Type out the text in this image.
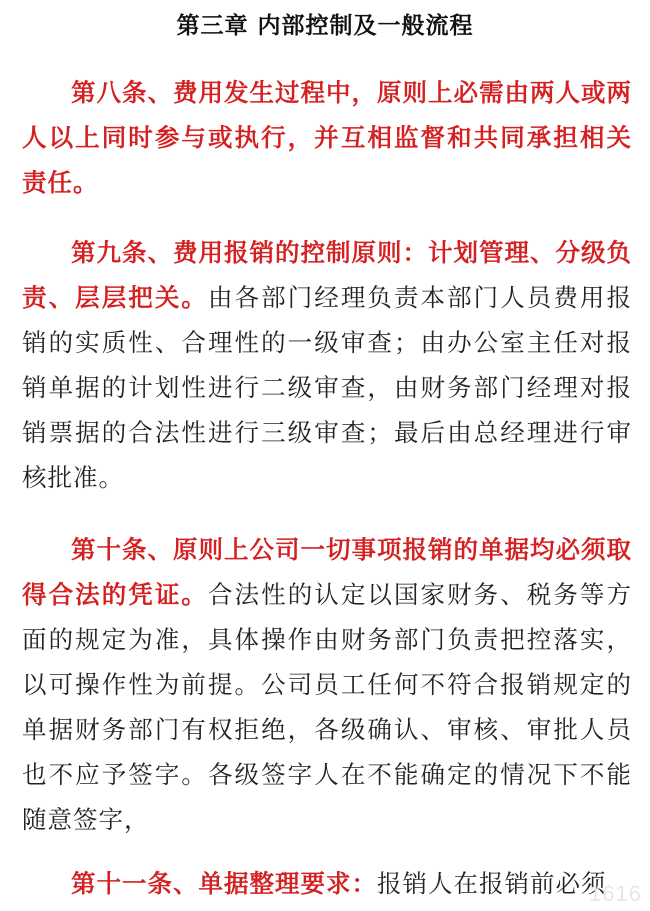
第三章 内部控制及一般流程

第八条、费用发生过程中，原则上必需由两人或两人以上同时参与或执行，并互相监督和共同承担相关责任。

第九条、费用报销的控制原则：计划管理、分级负责、层层把关。由各部门经理负责本部门人员费用报销的实质性、合理性的一级审查；由办公室主任对报销单据的计划性进行二级审查，由财务部门经理对报销票据的合法性进行三级审查；最后由总经理进行审核批准。

第十条、原则上公司一切事项报销的单据均必须取得合法的凭证。合法性的认定以国家财务、税务等方面的规定为准，具体操作由财务部门负责把控落实，以可操作性为前提。公司员工任何不符合报销规定的单据财务部门有权拒绝，各级确认、审核、审批人员也不应予签字。各级签字人在不能确定的情况下不能随意签字，

第十一条、单据整理要求：报销人在报销前必须

1616
